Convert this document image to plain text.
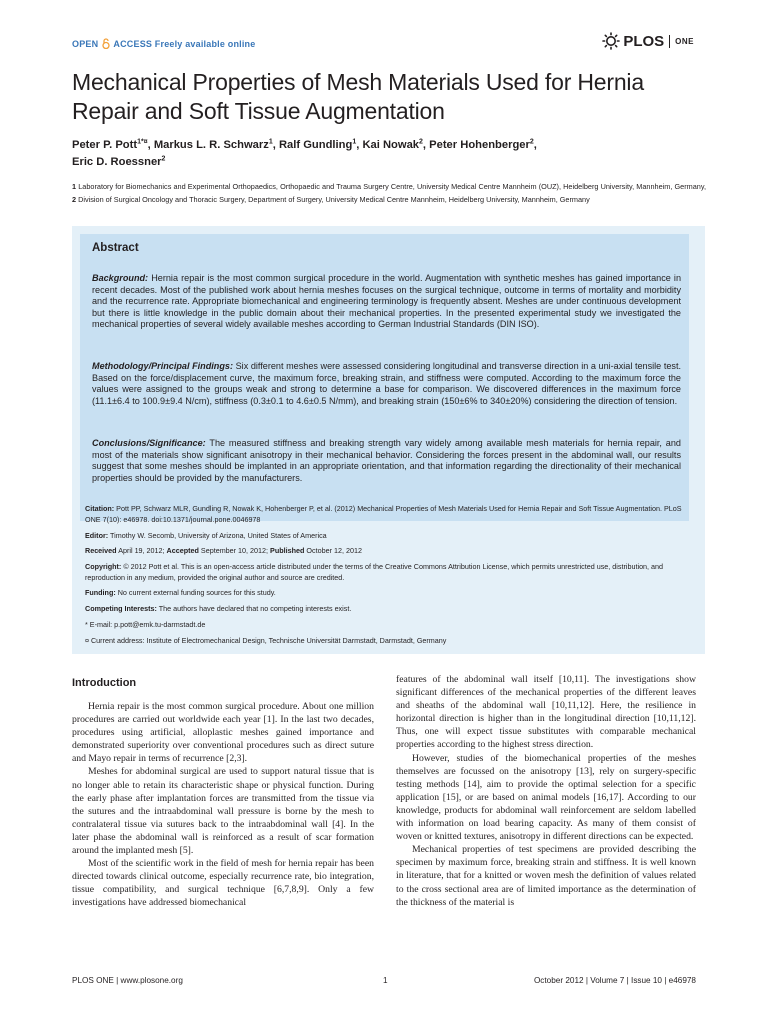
OPEN ACCESS Freely available online	PLOS ONE
Mechanical Properties of Mesh Materials Used for Hernia Repair and Soft Tissue Augmentation
Peter P. Pott$^{1*¤}$, Markus L. R. Schwarz$^1$, Ralf Gundling$^1$, Kai Nowak$^2$, Peter Hohenberger$^2$,
Eric D. Roessner$^2$
1 Laboratory for Biomechanics and Experimental Orthopaedics, Orthopaedic and Trauma Surgery Centre, University Medical Centre Mannheim (OUZ), Heidelberg University, Mannheim, Germany, 2 Division of Surgical Oncology and Thoracic Surgery, Department of Surgery, University Medical Centre Mannheim, Heidelberg University, Mannheim, Germany
Abstract

Background: Hernia repair is the most common surgical procedure in the world. Augmentation with synthetic meshes has gained importance in recent decades. Most of the published work about hernia meshes focuses on the surgical technique, outcome in terms of mortality and morbidity and the recurrence rate. Appropriate biomechanical and engineering terminology is frequently absent. Meshes are under continuous development but there is little knowledge in the public domain about their mechanical properties. In the presented experimental study we investigated the mechanical properties of several widely available meshes according to German Industrial Standards (DIN ISO).

Methodology/Principal Findings: Six different meshes were assessed considering longitudinal and transverse direction in a uni-axial tensile test. Based on the force/displacement curve, the maximum force, breaking strain, and stiffness were computed. According to the maximum force the values were assigned to the groups weak and strong to determine a base for comparison. We discovered differences in the maximum force (11.1±6.4 to 100.9±9.4 N/cm), stiffness (0.3±0.1 to 4.6±0.5 N/mm), and breaking strain (150±6% to 340±20%) considering the direction of tension.

Conclusions/Significance: The measured stiffness and breaking strength vary widely among available mesh materials for hernia repair, and most of the materials show significant anisotropy in their mechanical behavior. Considering the forces present in the abdominal wall, our results suggest that some meshes should be implanted in an appropriate orientation, and that information regarding the directionality of their mechanical properties should be provided by the manufacturers.

Citation: Pott PP, Schwarz MLR, Gundling R, Nowak K, Hohenberger P, et al. (2012) Mechanical Properties of Mesh Materials Used for Hernia Repair and Soft Tissue Augmentation. PLoS ONE 7(10): e46978. doi:10.1371/journal.pone.0046978

Editor: Timothy W. Secomb, University of Arizona, United States of America

Received April 19, 2012; Accepted September 10, 2012; Published October 12, 2012

Copyright: © 2012 Pott et al. This is an open-access article distributed under the terms of the Creative Commons Attribution License, which permits unrestricted use, distribution, and reproduction in any medium, provided the original author and source are credited.

Funding: No current external funding sources for this study.

Competing Interests: The authors have declared that no competing interests exist.

* E-mail: p.pott@emk.tu-darmstadt.de

¤ Current address: Institute of Electromechanical Design, Technische Universität Darmstadt, Darmstadt, Germany

Introduction

Hernia repair is the most common surgical procedure. About one million procedures are carried out worldwide each year [1]. In the last two decades, procedures using artificial, alloplastic meshes gained importance and demonstrated superiority over conventional procedures such as direct suture and Mayo repair in terms of recurrence [2,3].

Meshes for abdominal surgical are used to support natural tissue that is no longer able to retain its characteristic shape or physical function. During the early phase after implantation forces are transmitted from the tissue via the sutures and the intraabdominal wall pressure is borne by the mesh to contralateral tissue via sutures back to the intraabdominal wall [4]. In the later phase the abdominal wall is reinforced as a result of scar formation around the implanted mesh [5].

Most of the scientific work in the field of mesh for hernia repair has been directed towards clinical outcome, especially recurrence rate, bio integration, tissue compatibility, and surgical technique [6,7,8,9]. Only a few investigations have addressed biomechanical

features of the abdominal wall itself [10,11]. The investigations show significant differences of the mechanical properties of the different leaves and sheaths of the abdominal wall [10,11,12]. Here, the resilience in horizontal direction is higher than in the longitudinal direction [10,11,12]. Thus, one will expect tissue substitutes with comparable mechanical properties according to the highest stress direction.

However, studies of the biomechanical properties of the meshes themselves are focussed on the anisotropy [13], rely on surgery-specific testing methods [14], aim to provide the optimal selection for a specific application [15], or are based on animal models [16,17]. According to our knowledge, products for abdominal wall reinforcement are seldom labelled with information on load bearing capacity. As many of them consist of woven or knitted textures, anisotropy in different directions can be expected.

Mechanical properties of test specimens are provided describing the specimen by maximum force, breaking strain and stiffness. It is well known in literature, that for a knitted or woven mesh the definition of values related to the cross sectional area are of limited importance as the determination of the thickness of the material is

PLOS ONE | www.plosone.org	1	October 2012 | Volume 7 | Issue 10 | e46978
